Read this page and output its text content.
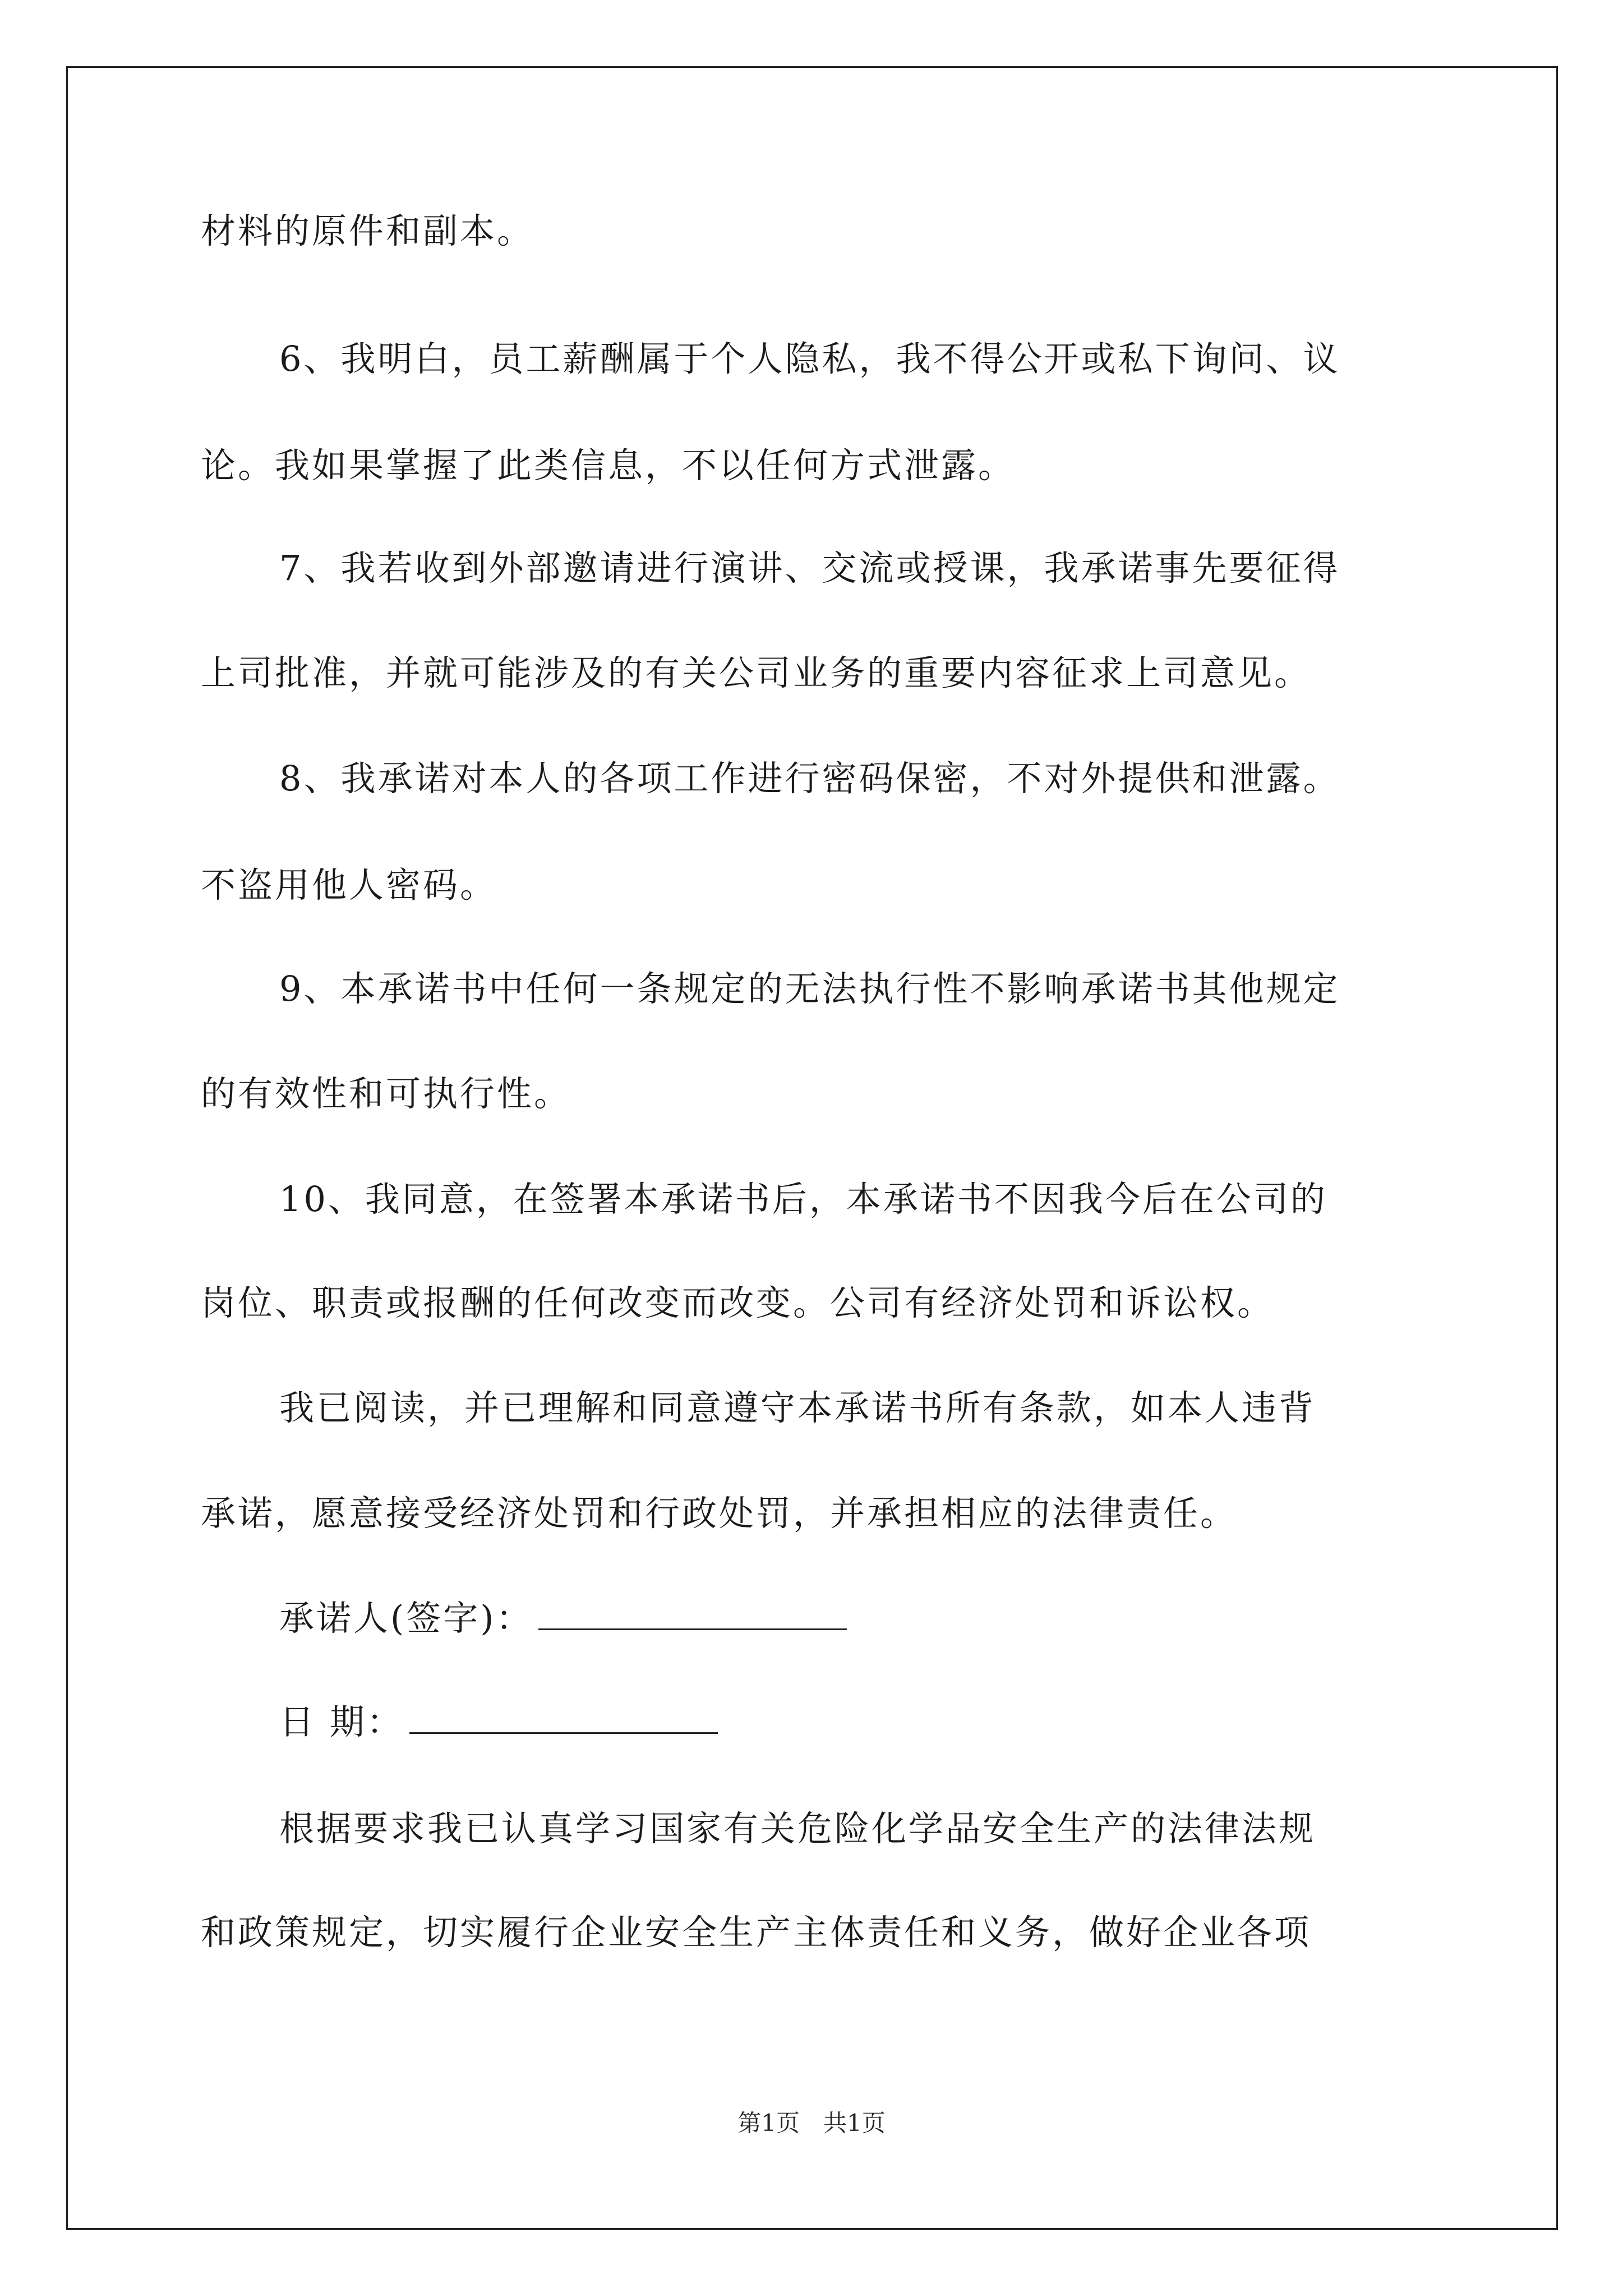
材料的原件和副本。
6、我明白，员工薪酬属于个人隐私，我不得公开或私下询问、议
论。我如果掌握了此类信息，不以任何方式泄露。
7、我若收到外部邀请进行演讲、交流或授课，我承诺事先要征得
上司批准，并就可能涉及的有关公司业务的重要内容征求上司意见。
8、我承诺对本人的各项工作进行密码保密，不对外提供和泄露。
不盗用他人密码。
9、本承诺书中任何一条规定的无法执行性不影响承诺书其他规定
的有效性和可执行性。
10、我同意，在签署本承诺书后，本承诺书不因我今后在公司的
岗位、职责或报酬的任何改变而改变。公司有经济处罚和诉讼权。
我已阅读，并已理解和同意遵守本承诺书所有条款，如本人违背
承诺，愿意接受经济处罚和行政处罚，并承担相应的法律责任。
承诺人(签字)：
日 期：
根据要求我已认真学习国家有关危险化学品安全生产的法律法规
和政策规定，切实履行企业安全生产主体责任和义务，做好企业各项
第1页　共1页
